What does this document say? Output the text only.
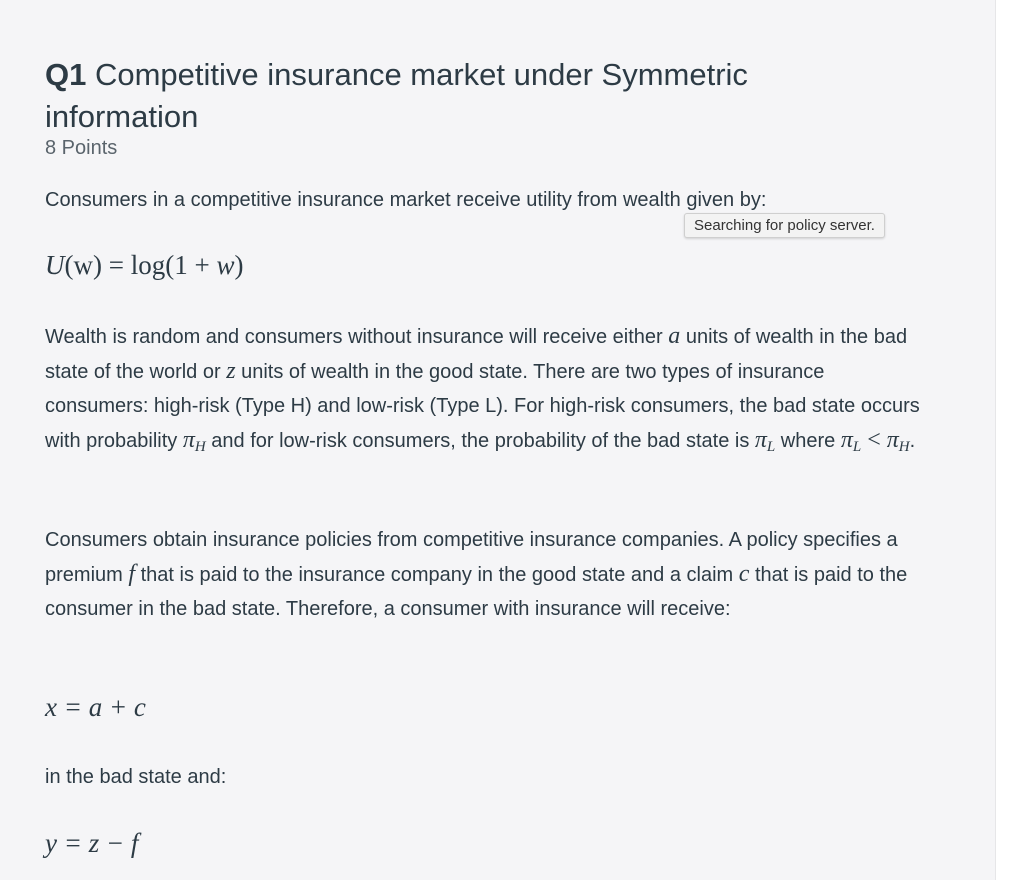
Q1 Competitive insurance market under Symmetric information
8 Points

Consumers in a competitive insurance market receive utility from wealth given by:

U(w) = log(1 + w)

Wealth is random and consumers without insurance will receive either a units of wealth in the bad state of the world or z units of wealth in the good state. There are two types of insurance consumers: high-risk (Type H) and low-risk (Type L). For high-risk consumers, the bad state occurs with probability $\pi_H$ and for low-risk consumers, the probability of the bad state is $\pi_L$ where $\pi_L < \pi_H$.

Consumers obtain insurance policies from competitive insurance companies. A policy specifies a premium f that is paid to the insurance company in the good state and a claim c that is paid to the consumer in the bad state. Therefore, a consumer with insurance will receive:

x = a + c

in the bad state and:

y = z − f
Searching for policy server.
